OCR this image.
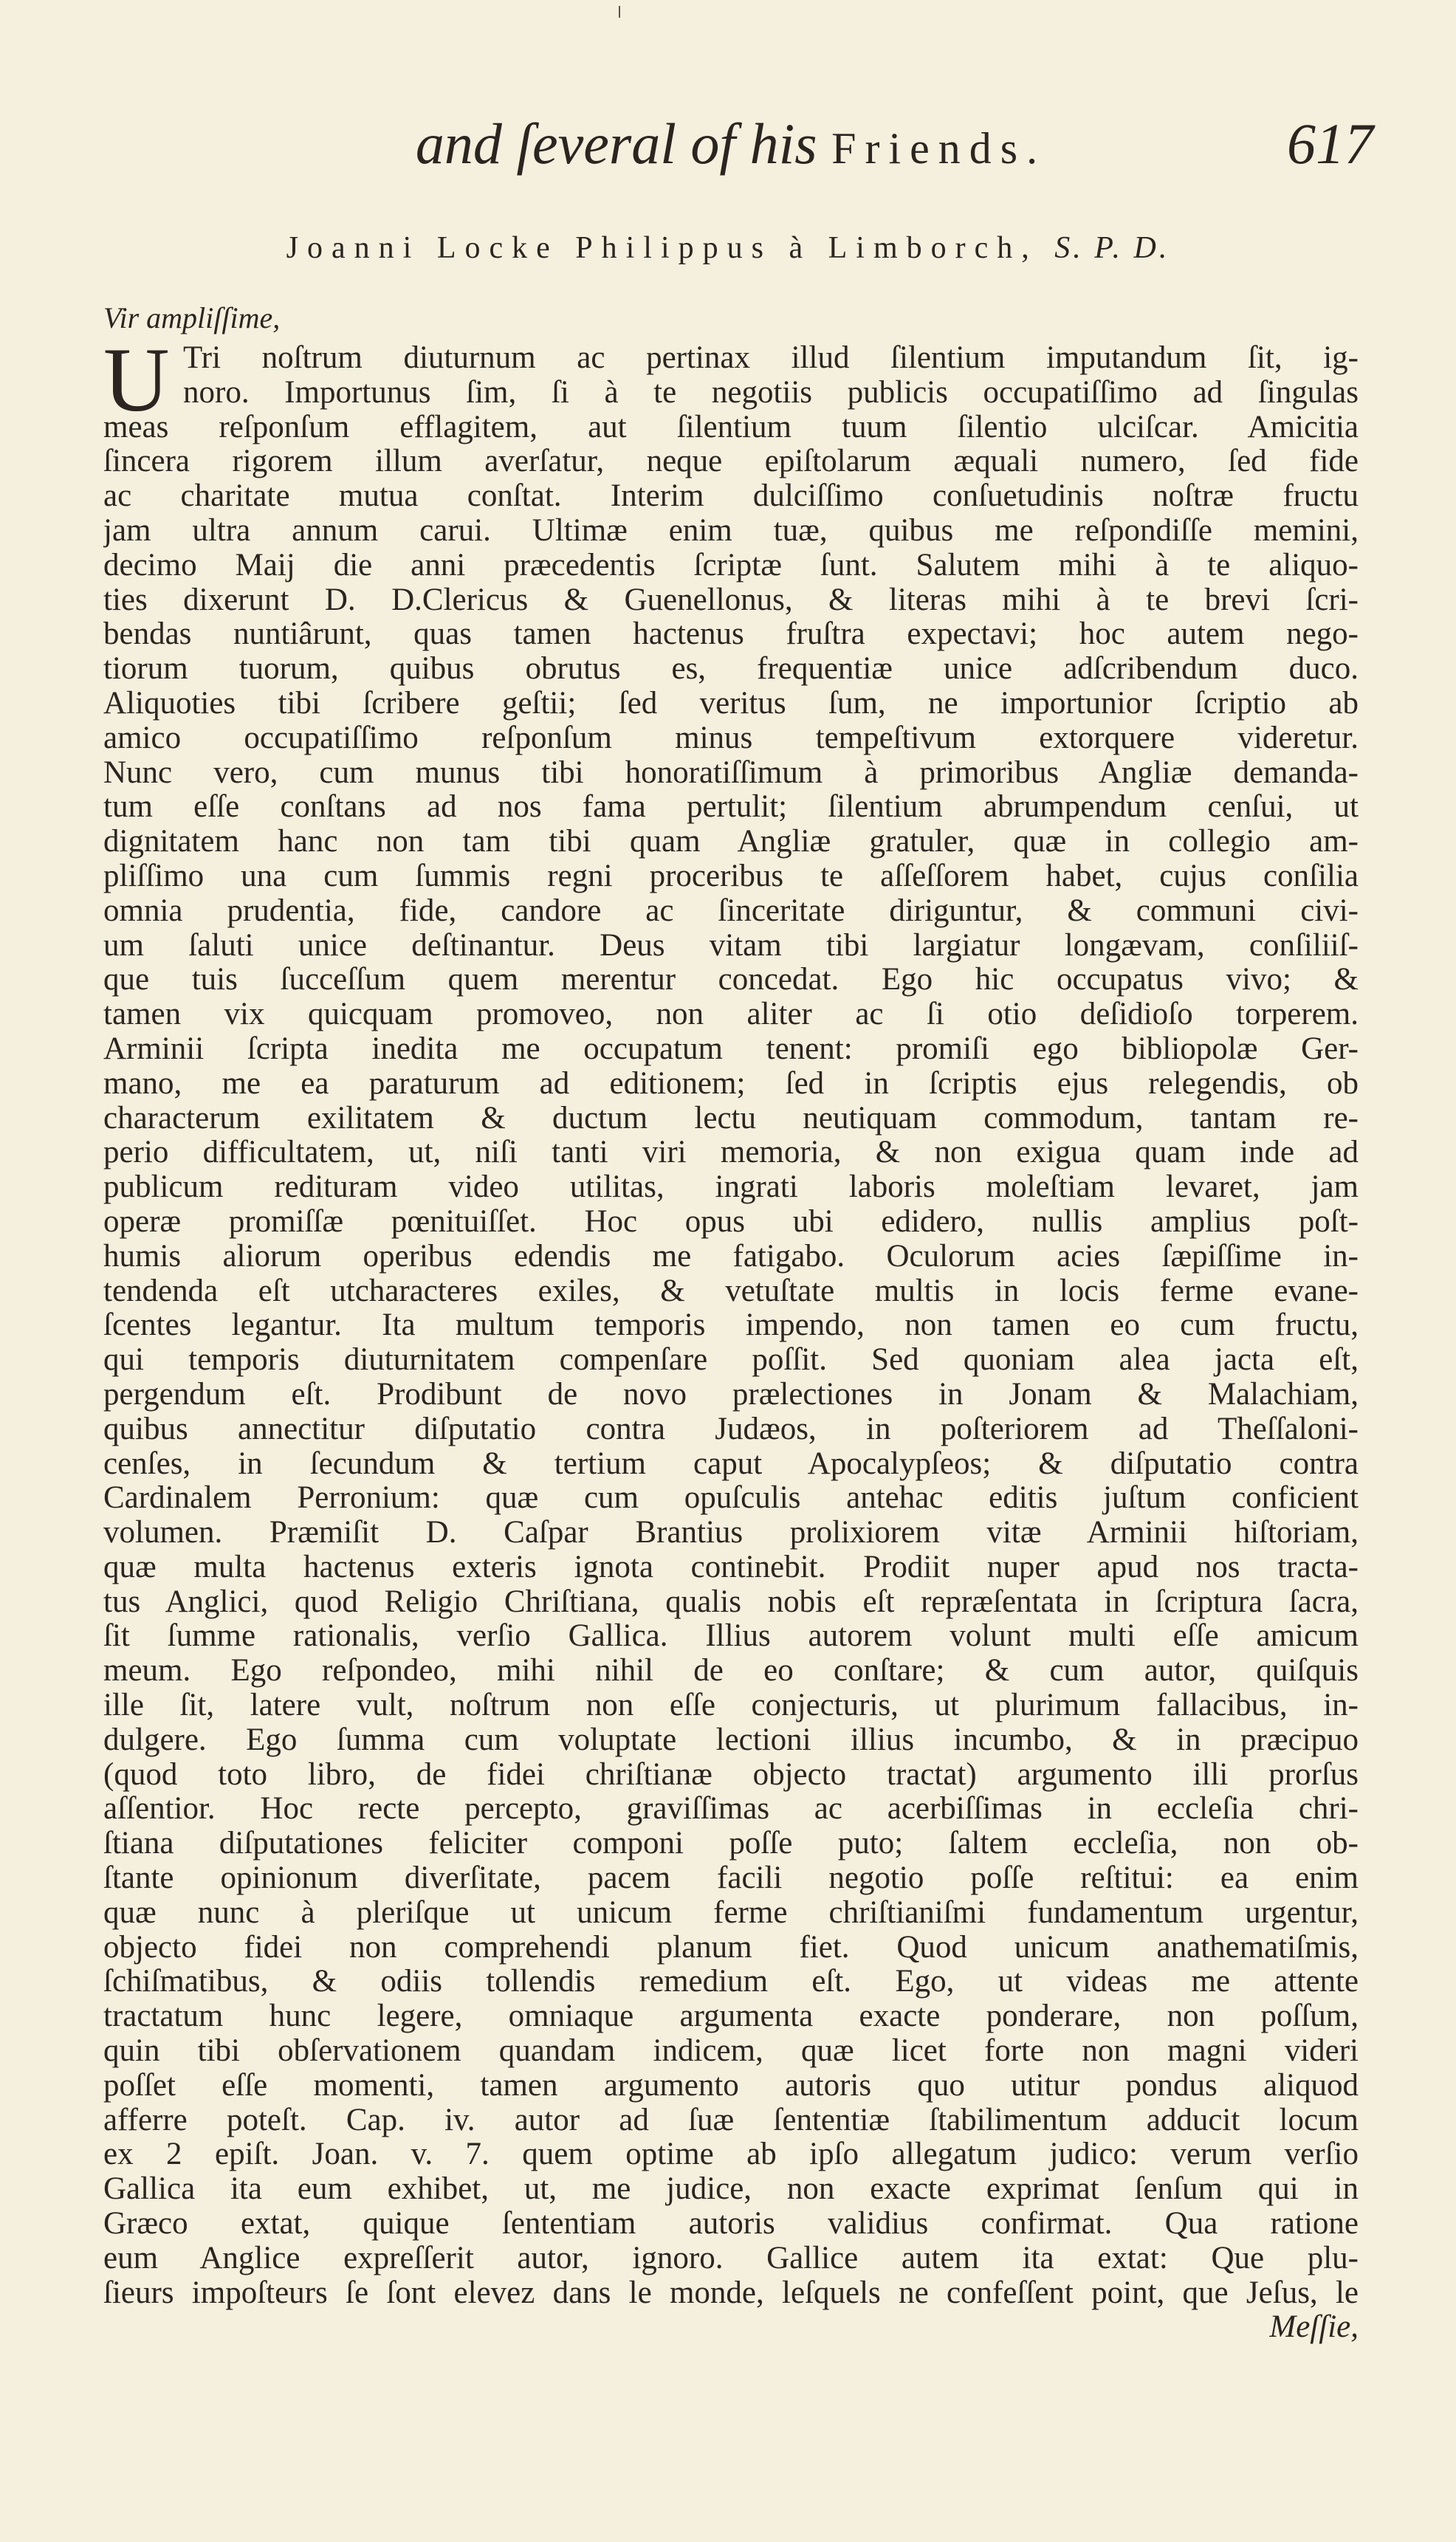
and ſeveral of his Friends.	617
Joanni Locke Philippus à Limborch, S. P. D.
Vir ampliſſime,
U Tri noſtrum diuturnum ac pertinax illud ſilentium imputandum ſit, ig-
noro. Importunus ſim, ſi à te negotiis publicis occupatiſſimo ad ſingulas
meas reſponſum efflagitem, aut ſilentium tuum ſilentio ulciſcar. Amicitia
ſincera rigorem illum averſatur, neque epiſtolarum æquali numero, ſed fide
ac charitate mutua conſtat. Interim dulciſſimo conſuetudinis noſtræ fructu
jam ultra annum carui. Ultimæ enim tuæ, quibus me reſpondiſſe memini,
decimo Maij die anni præcedentis ſcriptæ ſunt. Salutem mihi à te aliquo-
ties dixerunt D. D.Clericus & Guenellonus, & literas mihi à te brevi ſcri-
bendas nuntiârunt, quas tamen hactenus fruſtra expectavi; hoc autem nego-
tiorum tuorum, quibus obrutus es, frequentiæ unice adſcribendum duco.
Aliquoties tibi ſcribere geſtii; ſed veritus ſum, ne importunior ſcriptio ab
amico occupatiſſimo reſponſum minus tempeſtivum extorquere videretur.
Nunc vero, cum munus tibi honoratiſſimum à primoribus Angliæ demanda-
tum eſſe conſtans ad nos fama pertulit; ſilentium abrumpendum cenſui, ut
dignitatem hanc non tam tibi quam Angliæ gratuler, quæ in collegio am-
pliſſimo una cum ſummis regni proceribus te aſſeſſorem habet, cujus conſilia
omnia prudentia, fide, candore ac ſinceritate diriguntur, & communi civi-
um ſaluti unice deſtinantur. Deus vitam tibi largiatur longævam, conſiliiſ-
que tuis ſucceſſum quem merentur concedat. Ego hic occupatus vivo; &
tamen vix quicquam promoveo, non aliter ac ſi otio deſidioſo torperem.
Arminii ſcripta inedita me occupatum tenent: promiſi ego bibliopolæ Ger-
mano, me ea paraturum ad editionem; ſed in ſcriptis ejus relegendis, ob
characterum exilitatem & ductum lectu neutiquam commodum, tantam re-
perio difficultatem, ut, niſi tanti viri memoria, & non exigua quam inde ad
publicum redituram video utilitas, ingrati laboris moleſtiam levaret, jam
operæ promiſſæ pœnituiſſet. Hoc opus ubi edidero, nullis amplius poſt-
humis aliorum operibus edendis me fatigabo. Oculorum acies ſæpiſſime in-
tendenda eſt utcharacteres exiles, & vetuſtate multis in locis ferme evane-
ſcentes legantur. Ita multum temporis impendo, non tamen eo cum fructu,
qui temporis diuturnitatem compenſare poſſit. Sed quoniam alea jacta eſt,
pergendum eſt. Prodibunt de novo prælectiones in Jonam & Malachiam,
quibus annectitur diſputatio contra Judæos, in poſteriorem ad Theſſaloni-
cenſes, in ſecundum & tertium caput Apocalypſeos; & diſputatio contra
Cardinalem Perronium: quæ cum opuſculis antehac editis juſtum conficient
volumen. Præmiſit D. Caſpar Brantius prolixiorem vitæ Arminii hiſtoriam,
quæ multa hactenus exteris ignota continebit. Prodiit nuper apud nos tracta-
tus Anglici, quod Religio Chriſtiana, qualis nobis eſt repræſentata in ſcriptura ſacra,
ſit ſumme rationalis, verſio Gallica. Illius autorem volunt multi eſſe amicum
meum. Ego reſpondeo, mihi nihil de eo conſtare; & cum autor, quiſquis
ille ſit, latere vult, noſtrum non eſſe conjecturis, ut plurimum fallacibus, in-
dulgere. Ego ſumma cum voluptate lectioni illius incumbo, & in præcipuo
(quod toto libro, de fidei chriſtianæ objecto tractat) argumento illi prorſus
aſſentior. Hoc recte percepto, graviſſimas ac acerbiſſimas in eccleſia chri-
ſtiana diſputationes feliciter componi poſſe puto; ſaltem eccleſia, non ob-
ſtante opinionum diverſitate, pacem facili negotio poſſe reſtitui: ea enim
quæ nunc à pleriſque ut unicum ferme chriſtianiſmi fundamentum urgentur,
objecto fidei non comprehendi planum fiet. Quod unicum anathematiſmis,
ſchiſmatibus, & odiis tollendis remedium eſt. Ego, ut videas me attente
tractatum hunc legere, omniaque argumenta exacte ponderare, non poſſum,
quin tibi obſervationem quandam indicem, quæ licet forte non magni videri
poſſet eſſe momenti, tamen argumento autoris quo utitur pondus aliquod
afferre poteſt. Cap. iv. autor ad ſuæ ſententiæ ſtabilimentum adducit locum
ex 2 epiſt. Joan. v. 7. quem optime ab ipſo allegatum judico: verum verſio
Gallica ita eum exhibet, ut, me judice, non exacte exprimat ſenſum qui in
Græco extat, quique ſententiam autoris validius confirmat. Qua ratione
eum Anglice expreſſerit autor, ignoro. Gallice autem ita extat: Que plu-
ſieurs impoſteurs ſe ſont elevez dans le monde, leſquels ne confeſſent point, que Jeſus, le
Meſſie,
